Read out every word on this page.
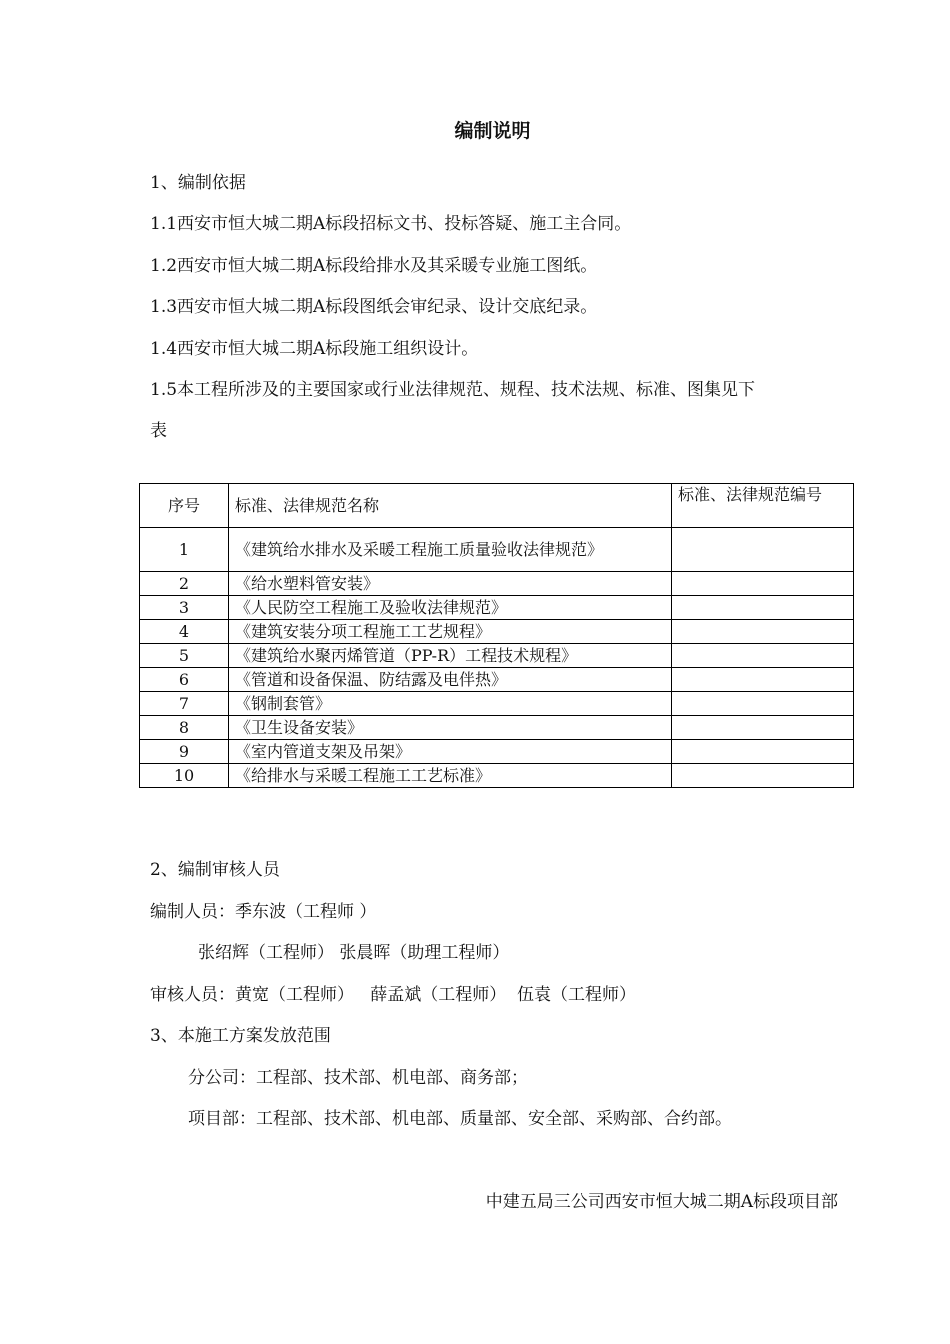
编制说明
1、编制依据
1.1西安市恒大城二期A标段招标文书、投标答疑、施工主合同。
1.2西安市恒大城二期A标段给排水及其采暖专业施工图纸。
1.3西安市恒大城二期A标段图纸会审纪录、设计交底纪录。
1.4西安市恒大城二期A标段施工组织设计。
1.5本工程所涉及的主要国家或行业法律规范、规程、技术法规、标准、图集见下
表
序号	标准、法律规范名称	标准、法律规范编号
1	《建筑给水排水及采暖工程施工质量验收法律规范》	
2	《给水塑料管安装》	
3	《人民防空工程施工及验收法律规范》	
4	《建筑安装分项工程施工工艺规程》	
5	《建筑给水聚丙烯管道（PP-R）工程技术规程》	
6	《管道和设备保温、防结露及电伴热》	
7	《钢制套管》	
8	《卫生设备安装》	
9	《室内管道支架及吊架》	
10	《给排水与采暖工程施工工艺标准》	
2、编制审核人员
编制人员：季东波（工程师 ）
张绍辉（工程师） 张晨晖（助理工程师）
审核人员：黄宽（工程师）   薛孟斌（工程师）  伍袁（工程师）
3、本施工方案发放范围
分公司：工程部、技术部、机电部、商务部；
项目部：工程部、技术部、机电部、质量部、安全部、采购部、合约部。
中建五局三公司西安市恒大城二期A标段项目部
